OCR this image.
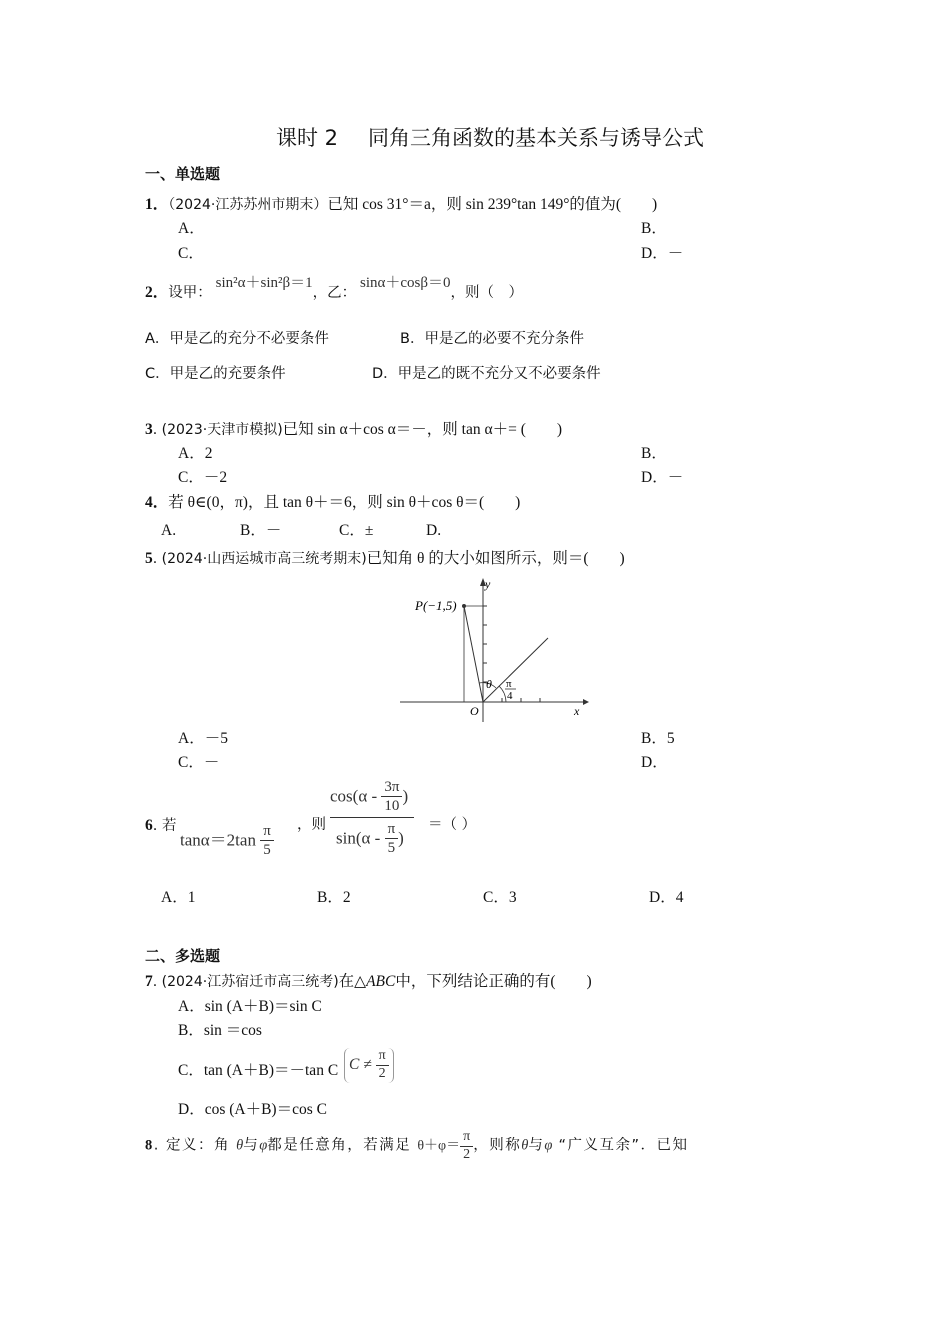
课时 2 同角三角函数的基本关系与诱导公式
一、单选题
1．（2024·江苏苏州市期末）已知 cos 31°＝a，则 sin 239°tan 149°的值为(　　)
A．	B．
C．	D．－
2．设甲： sin²α＋sin²β＝1，乙： sinα＋cosβ＝0，则（　）
A．甲是乙的充分不必要条件	B．甲是乙的必要不充分条件
C．甲是乙的充要条件	D．甲是乙的既不充分又不必要条件
3. (2023·天津市模拟)已知 sin α＋cos α＝－，则 tan α＋= (　　)
A．2	B．
C．－2	D．－
4．若 θ∈(0，π)，且 tan θ＋＝6，则 sin θ＋cos θ＝(　　)
A.	B．－	C．±	D.
5. (2024·山西运城市高三统考期末)已知角 θ 的大小如图所示，则＝(　　)
P(−1,5)
y
x
O
θ π
4
A．－5	B．5
C．－	D．
6. 若
$\tan\alpha=2\tan \frac{\pi}{5}$ ，则
$\cos(\alpha - \frac{3\pi}{10}$ )
$\sin(\alpha - \frac{\pi}{5}$ )
＝（ ）
A．1	B．2	C．3	D．4
二、多选题
7. (2024·江苏宿迁市高三统考)在△ABC中，下列结论正确的有(　　)
A．sin (A＋B)＝sin C
B．sin ＝cos
C．tan (A＋B)＝－tan C $C \ne \frac{\pi}{2}$
D．cos (A＋B)＝cos C
8. 定义：角 θ与φ都是任意角，若满足 $\theta+\varphi= \frac{\pi}{2}$ ，则称θ与φ “广义互余”．已知
